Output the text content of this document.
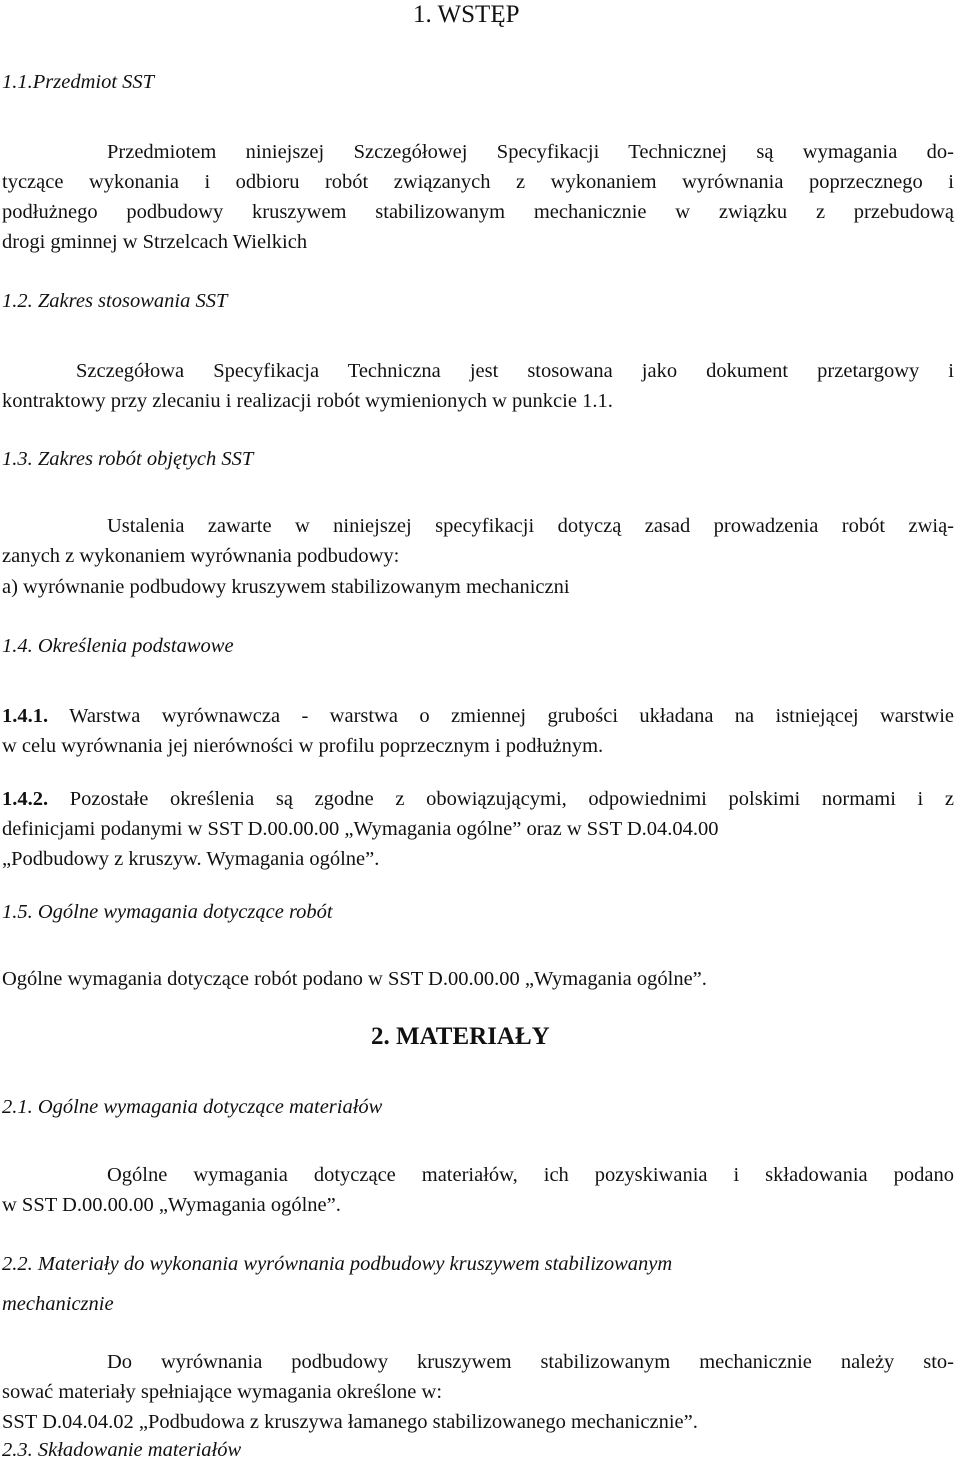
1. WSTĘP
1.1.Przedmiot SST
Przedmiotem niniejszej Szczegółowej Specyfikacji Technicznej są wymagania do-
tyczące wykonania i odbioru robót związanych z wykonaniem wyrównania poprzecznego i
podłużnego podbudowy kruszywem stabilizowanym mechanicznie w związku z przebudową
drogi gminnej w Strzelcach Wielkich
1.2. Zakres stosowania SST
Szczegółowa Specyfikacja Techniczna jest stosowana jako dokument przetargowy i
kontraktowy przy zlecaniu i realizacji robót wymienionych w punkcie 1.1.
1.3. Zakres robót objętych SST
Ustalenia zawarte w niniejszej specyfikacji dotyczą zasad prowadzenia robót zwią-
zanych z wykonaniem wyrównania podbudowy:
a) wyrównanie podbudowy kruszywem stabilizowanym mechaniczni
1.4. Określenia podstawowe
1.4.1. Warstwa wyrównawcza - warstwa o zmiennej grubości układana na istniejącej warstwie
w celu wyrównania jej nierówności w profilu poprzecznym i podłużnym.
1.4.2. Pozostałe określenia są zgodne z obowiązującymi, odpowiednimi polskimi normami i z
definicjami podanymi w SST D.00.00.00 „Wymagania ogólne” oraz w SST D.04.04.00
„Podbudowy z kruszyw. Wymagania ogólne”.
1.5. Ogólne wymagania dotyczące robót
Ogólne wymagania dotyczące robót podano w SST D.00.00.00 „Wymagania ogólne”.
2. MATERIAŁY
2.1. Ogólne wymagania dotyczące materiałów
Ogólne wymagania dotyczące materiałów, ich pozyskiwania i składowania podano
w SST D.00.00.00 „Wymagania ogólne”.
2.2. Materiały do wykonania wyrównania podbudowy kruszywem stabilizowanym
mechanicznie
Do wyrównania podbudowy kruszywem stabilizowanym mechanicznie należy sto-
sować materiały spełniające wymagania określone w:
SST D.04.04.02 „Podbudowa z kruszywa łamanego stabilizowanego mechanicznie”.
2.3. Składowanie materiałów
